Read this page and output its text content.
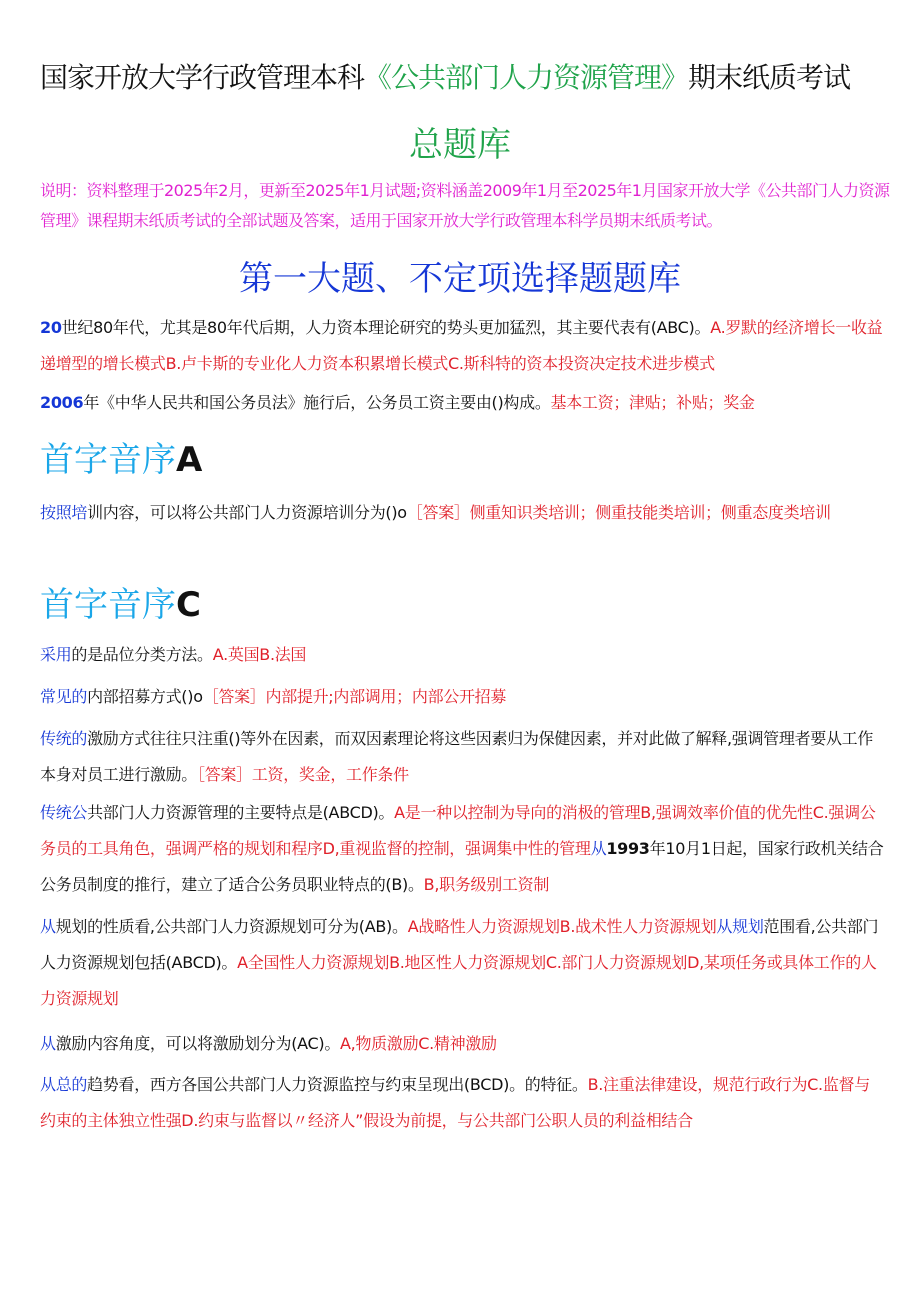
国家开放大学行政管理本科《公共部门人力资源管理》期末纸质考试
总题库
说明：资料整理于2025年2月，更新至2025年1月试题;资料涵盖2009年1月至2025年1月国家开放大学《公共部门人力资源管理》课程期末纸质考试的全部试题及答案，适用于国家开放大学行政管理本科学员期末纸质考试。
第一大题、不定项选择题题库
20世纪80年代，尤其是80年代后期，人力资本理论研究的势头更加猛烈，其主要代表有(ABC)。A.罗默的经济增长一收益递增型的增长模式B.卢卡斯的专业化人力资本积累增长模式C.斯科特的资本投资决定技术进步模式
2006年《中华人民共和国公务员法》施行后，公务员工资主要由()构成。基本工资；津贴；补贴；奖金
首字音序A
按照培训内容，可以将公共部门人力资源培训分为()o［答案］侧重知识类培训；侧重技能类培训；侧重态度类培训
首字音序C
采用的是品位分类方法。A.英国B.法国
常见的内部招募方式()o［答案］内部提升;内部调用；内部公开招募
传统的激励方式往往只注重()等外在因素，而双因素理论将这些因素归为保健因素，并对此做了解释,强调管理者要从工作本身对员工进行激励。［答案］工资，奖金，工作条件
传统公共部门人力资源管理的主要特点是(ABCD)。A是一种以控制为导向的消极的管理B,强调效率价值的优先性C.强调公务员的工具角色，强调严格的规划和程序D,重视监督的控制，强调集中性的管理从1993年10月1日起，国家行政机关结合公务员制度的推行，建立了适合公务员职业特点的(B)。B,职务级别工资制
从规划的性质看,公共部门人力资源规划可分为(AB)。A战略性人力资源规划B.战术性人力资源规划从规划范围看,公共部门人力资源规划包括(ABCD)。A全国性人力资源规划B.地区性人力资源规划C.部门人力资源规划D,某项任务或具体工作的人力资源规划
从激励内容角度，可以将激励划分为(AC)。A,物质激励C.精神激励
从总的趋势看，西方各国公共部门人力资源监控与约束呈现出(BCD)。的特征。B.注重法律建设，规范行政行为C.监督与约束的主体独立性强D.约束与监督以〃经济人”假设为前提，与公共部门公职人员的利益相结合
